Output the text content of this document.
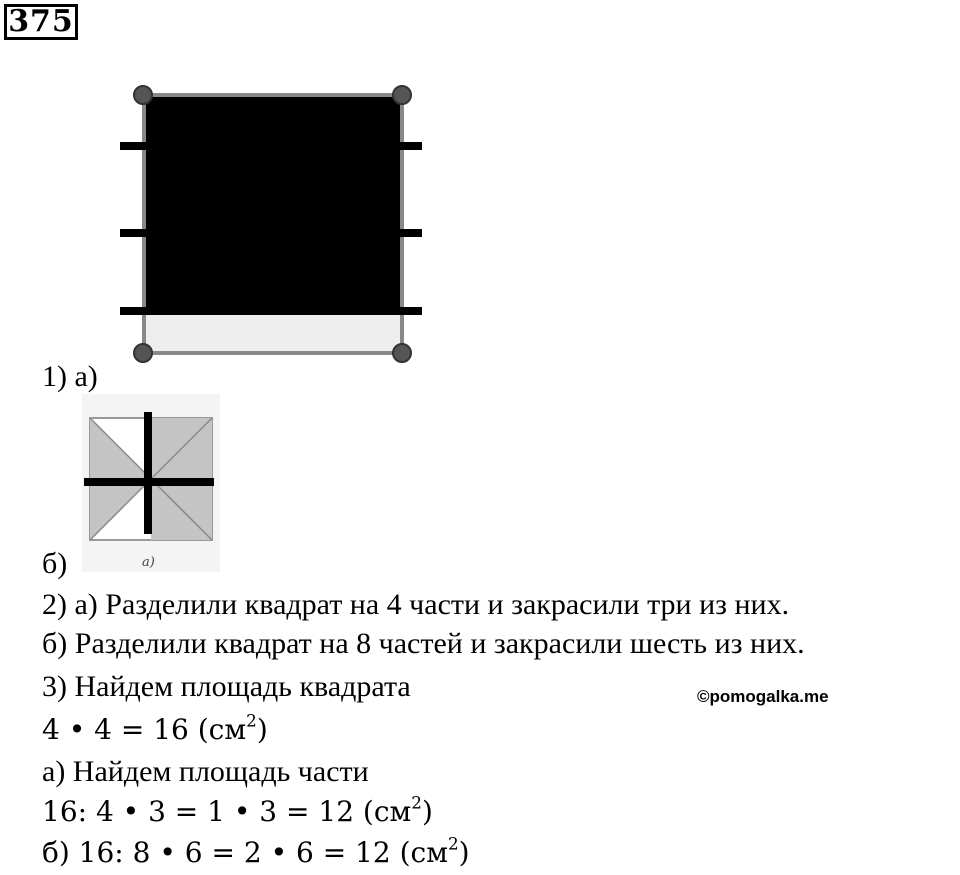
375
а)
1) а)
б)
2) а) Разделили квадрат на 4 части и закрасили три из них.
б) Разделили квадрат на 8 частей и закрасили шесть из них.
3) Найдем площадь квадрата
4 • 4 = 16 $(см^2)$
а) Найдем площадь части
16: 4 • 3 = 1 • 3 = 12 $(см^2)$
б) 16: 8 • 6 = 2 • 6 = 12 $(см^2)$
©pomogalka.me
